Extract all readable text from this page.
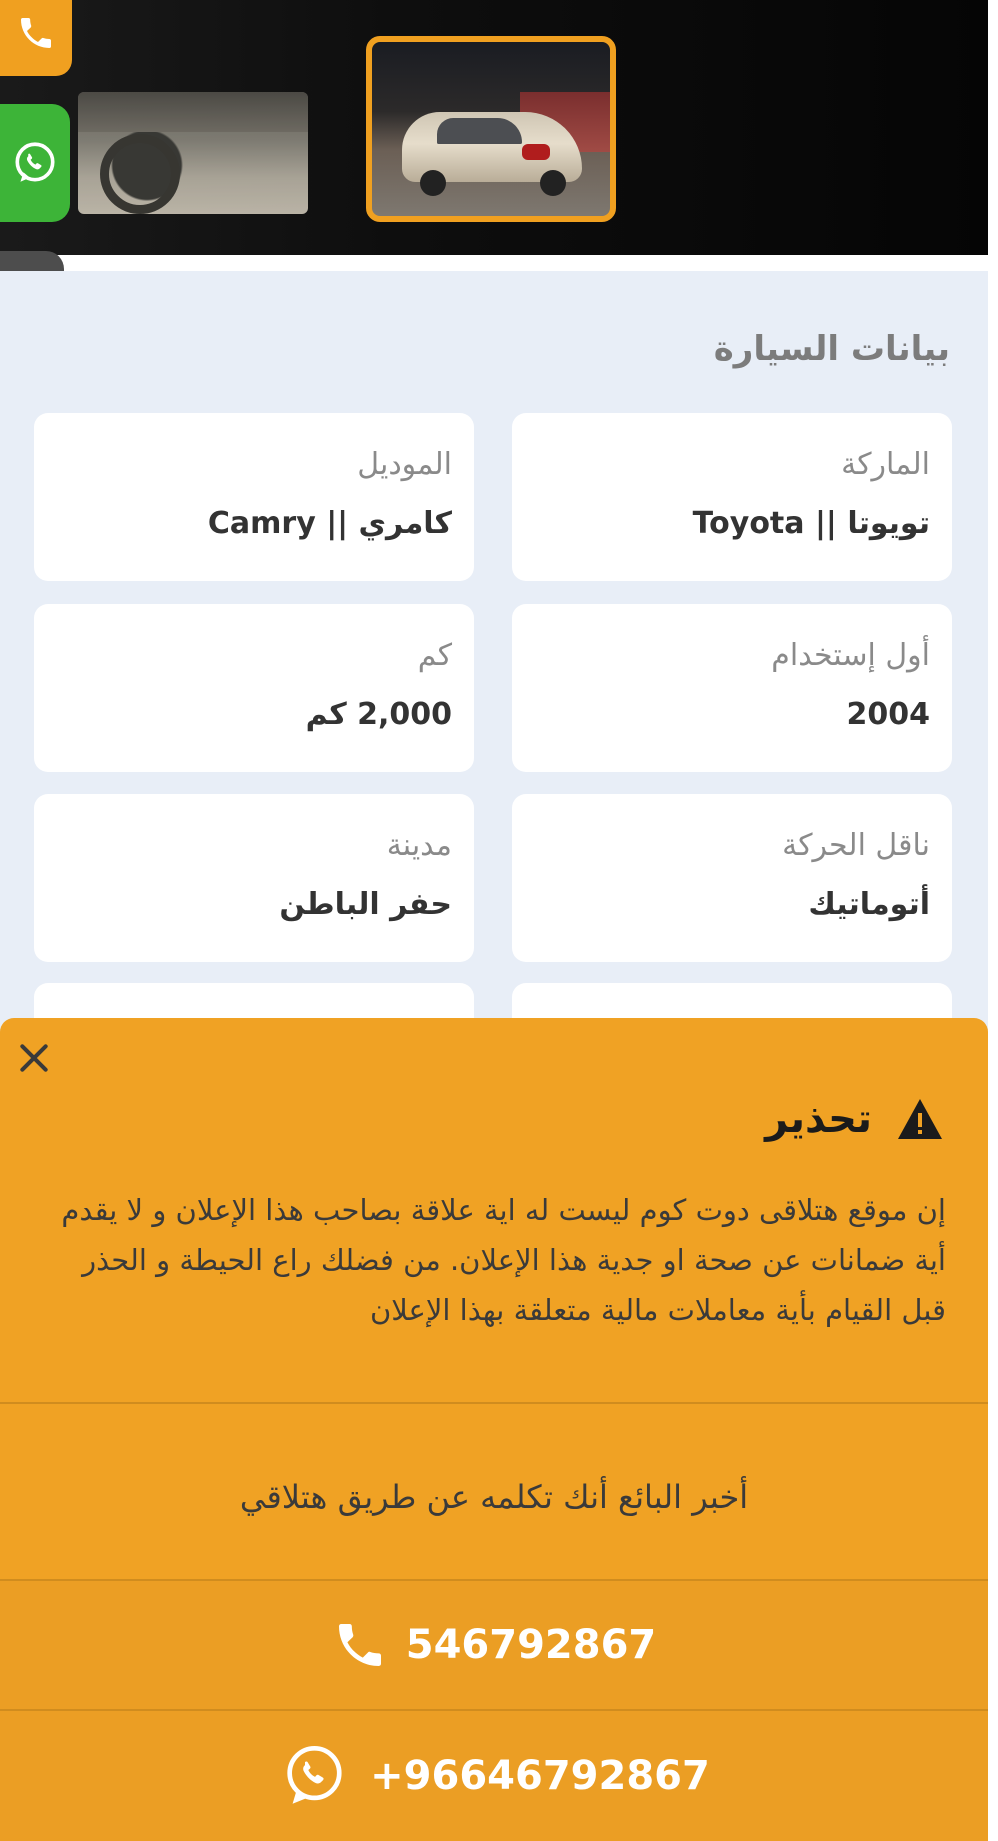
بيانات السيارة
الماركة
تويوتا || Toyota
الموديل
كامري || Camry
أول إستخدام
2004
كم
2,000 كم
ناقل الحركة
أتوماتيك
مدينة
حفر الباطن
تحذير
إن موقع هتلاقى دوت كوم ليست له اية علاقة بصاحب هذا الإعلان و لا يقدم أية ضمانات عن صحة او جدية هذا الإعلان. من فضلك راع الحيطة و الحذر قبل القيام بأية معاملات مالية متعلقة بهذا الإعلان
أخبر البائع أنك تكلمه عن طريق هتلاقي
546792867
+96646792867
